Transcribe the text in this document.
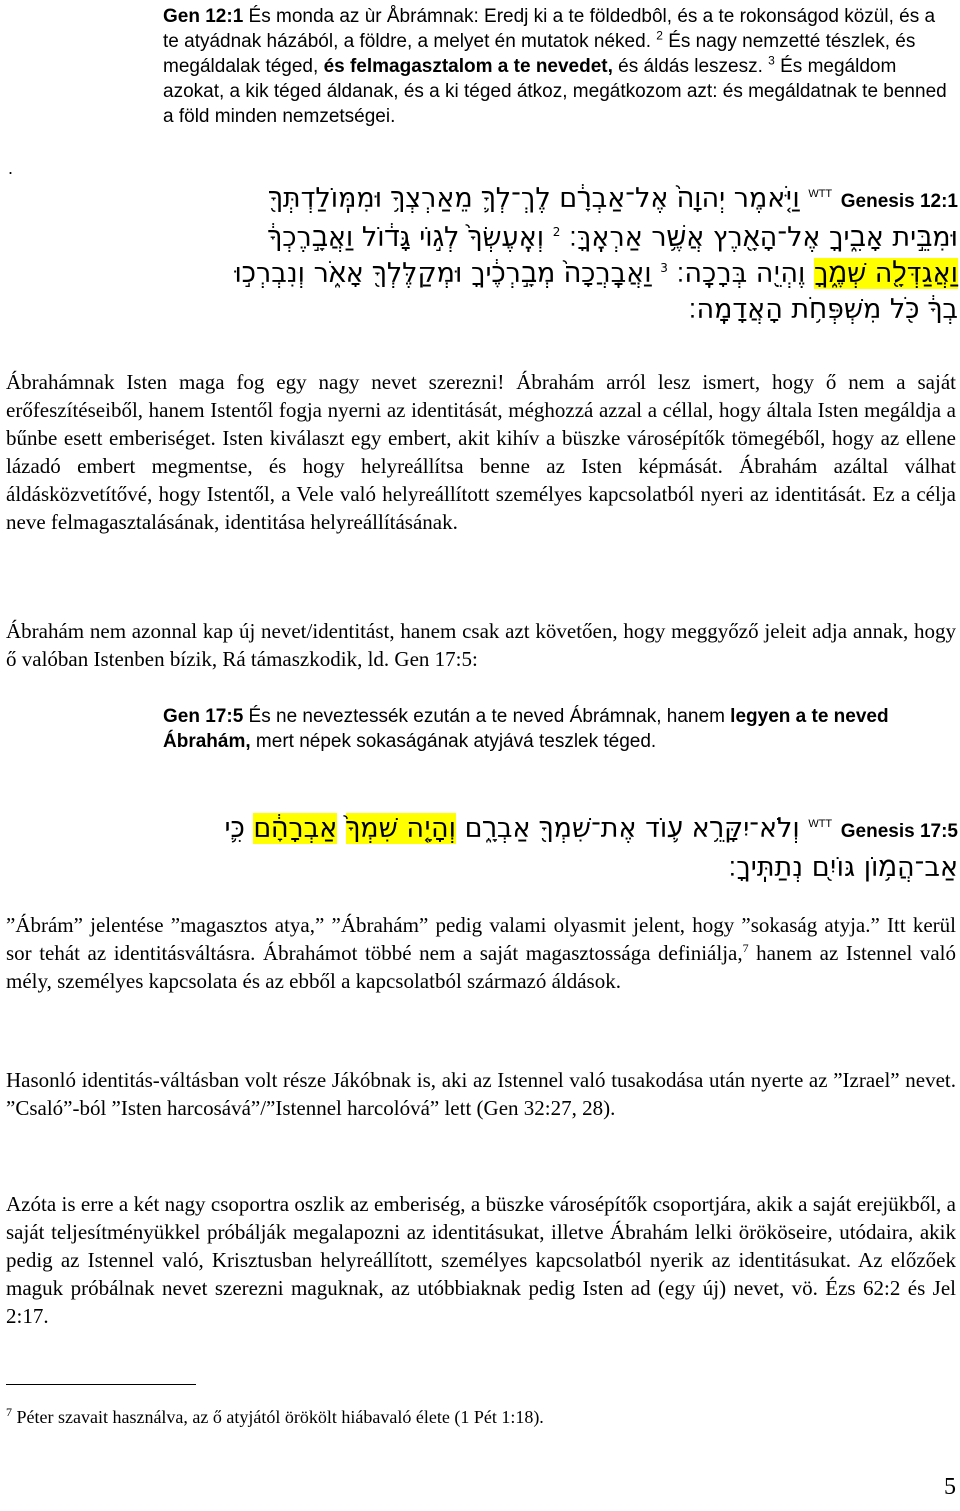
Gen 12:1 És monda az ùr Åbrámnak: Eredj ki a te földedbôl, és a te rokonságod közül, és a te atyádnak házából, a földre, a melyet én mutatok néked. $^2$ És nagy nemzetté tészlek, és megáldalak téged, és felmagasztalom a te nevedet, és áldás leszesz. $^3$ És megáldom azokat, a kik téged áldanak, és a ki téged átkoz, megátkozom azt: és megáldatnak te benned a föld minden nemzetségei.
.
Genesis 12:1 $^{WTT}$ וַיֹּ֤אמֶר יְהוָה֙ אֶל־אַבְרָ֔ם לֶךְ־לְךָ֛ מֵאַרְצְךָ֥ וּמִמּֽוֹלַדְתְּךָ֖ וּמִבֵּ֣ית אָבִ֑יךָ אֶל־הָאָ֖רֶץ אֲשֶׁ֥ר אַרְאֶֽךָּ׃ $^2$ וְאֶֽעֶשְׂךָ֙ לְג֣וֹי גָּד֔וֹל וַאֲבָ֣רֶכְךָ֔ וַאֲגַדְּלָ֖ה שְׁמֶ֑ךָ וֶהְיֵ֖ה בְּרָכָֽה׃ $^3$ וַאֲבָֽרֲכָה֙ מְבָ֣רְכֶ֔יךָ וּמְקַלֶּלְךָ֖ אָאֹ֑ר וְנִבְרְכ֣וּ בְךָ֔ כֹּ֖ל מִשְׁפְּחֹ֥ת הָאֲדָמָֽה׃
Ábrahámnak Isten maga fog egy nagy nevet szerezni! Ábrahám arról lesz ismert, hogy ő nem a saját erőfeszítéseiből, hanem Istentől fogja nyerni az identitását, méghozzá azzal a céllal, hogy általa Isten megáldja a bűnbe esett emberiséget. Isten kiválaszt egy embert, akit kihív a büszke városépítők tömegéből, hogy az ellene lázadó embert megmentse, és hogy helyreállítsa benne az Isten képmását. Ábrahám azáltal válhat áldásközvetítővé, hogy Istentől, a Vele való helyreállított személyes kapcsolatból nyeri az identitását. Ez a célja neve felmagasztalásának, identitása helyreállításának.
Ábrahám nem azonnal kap új nevet/identitást, hanem csak azt követően, hogy meggyőző jeleit adja annak, hogy ő valóban Istenben bízik, Rá támaszkodik, ld. Gen 17:5:
Gen 17:5 És ne neveztessék ezután a te neved Ábrámnak, hanem legyen a te neved Ábrahám, mert népek sokaságának atyjává teszlek téged.
Genesis 17:5 $^{WTT}$ וְלֹא־יִקָּרֵ֥א ע֛וֹד אֶת־שִׁמְךָ֖ אַבְרָ֑ם וְהָיָ֤ה שִׁמְךָ֙ אַבְרָהָ֔ם כִּ֛י אַב־הֲמ֥וֹן גּוֹיִ֖ם נְתַתִּֽיךָ׃
”Ábrám” jelentése ”magasztos atya,” ”Ábrahám” pedig valami olyasmit jelent, hogy ”sokaság atyja.” Itt kerül sor tehát az identitásváltásra. Ábrahámot többé nem a saját magasztossága definiálja,$^7$ hanem az Istennel való mély, személyes kapcsolata és az ebből a kapcsolatból származó áldások.
Hasonló identitás-váltásban volt része Jákóbnak is, aki az Istennel való tusakodása után nyerte az ”Izrael” nevet. ”Csaló”-ból ”Isten harcosává”/”Istennel harcolóvá” lett (Gen 32:27, 28).
Azóta is erre a két nagy csoportra oszlik az emberiség, a büszke városépítők csoportjára, akik a saját erejükből, a saját teljesítményükkel próbálják megalapozni az identitásukat, illetve Ábrahám lelki örököseire, utódaira, akik pedig az Istennel való, Krisztusban helyreállított, személyes kapcsolatból nyerik az identitásukat. Az előzőek maguk próbálnak nevet szerezni maguknak, az utóbbiaknak pedig Isten ad (egy új) nevet, vö. Ézs 62:2 és Jel 2:17.
$^7$ Péter szavait használva, az ő atyjától örökölt hiábavaló élete (1 Pét 1:18).
5
